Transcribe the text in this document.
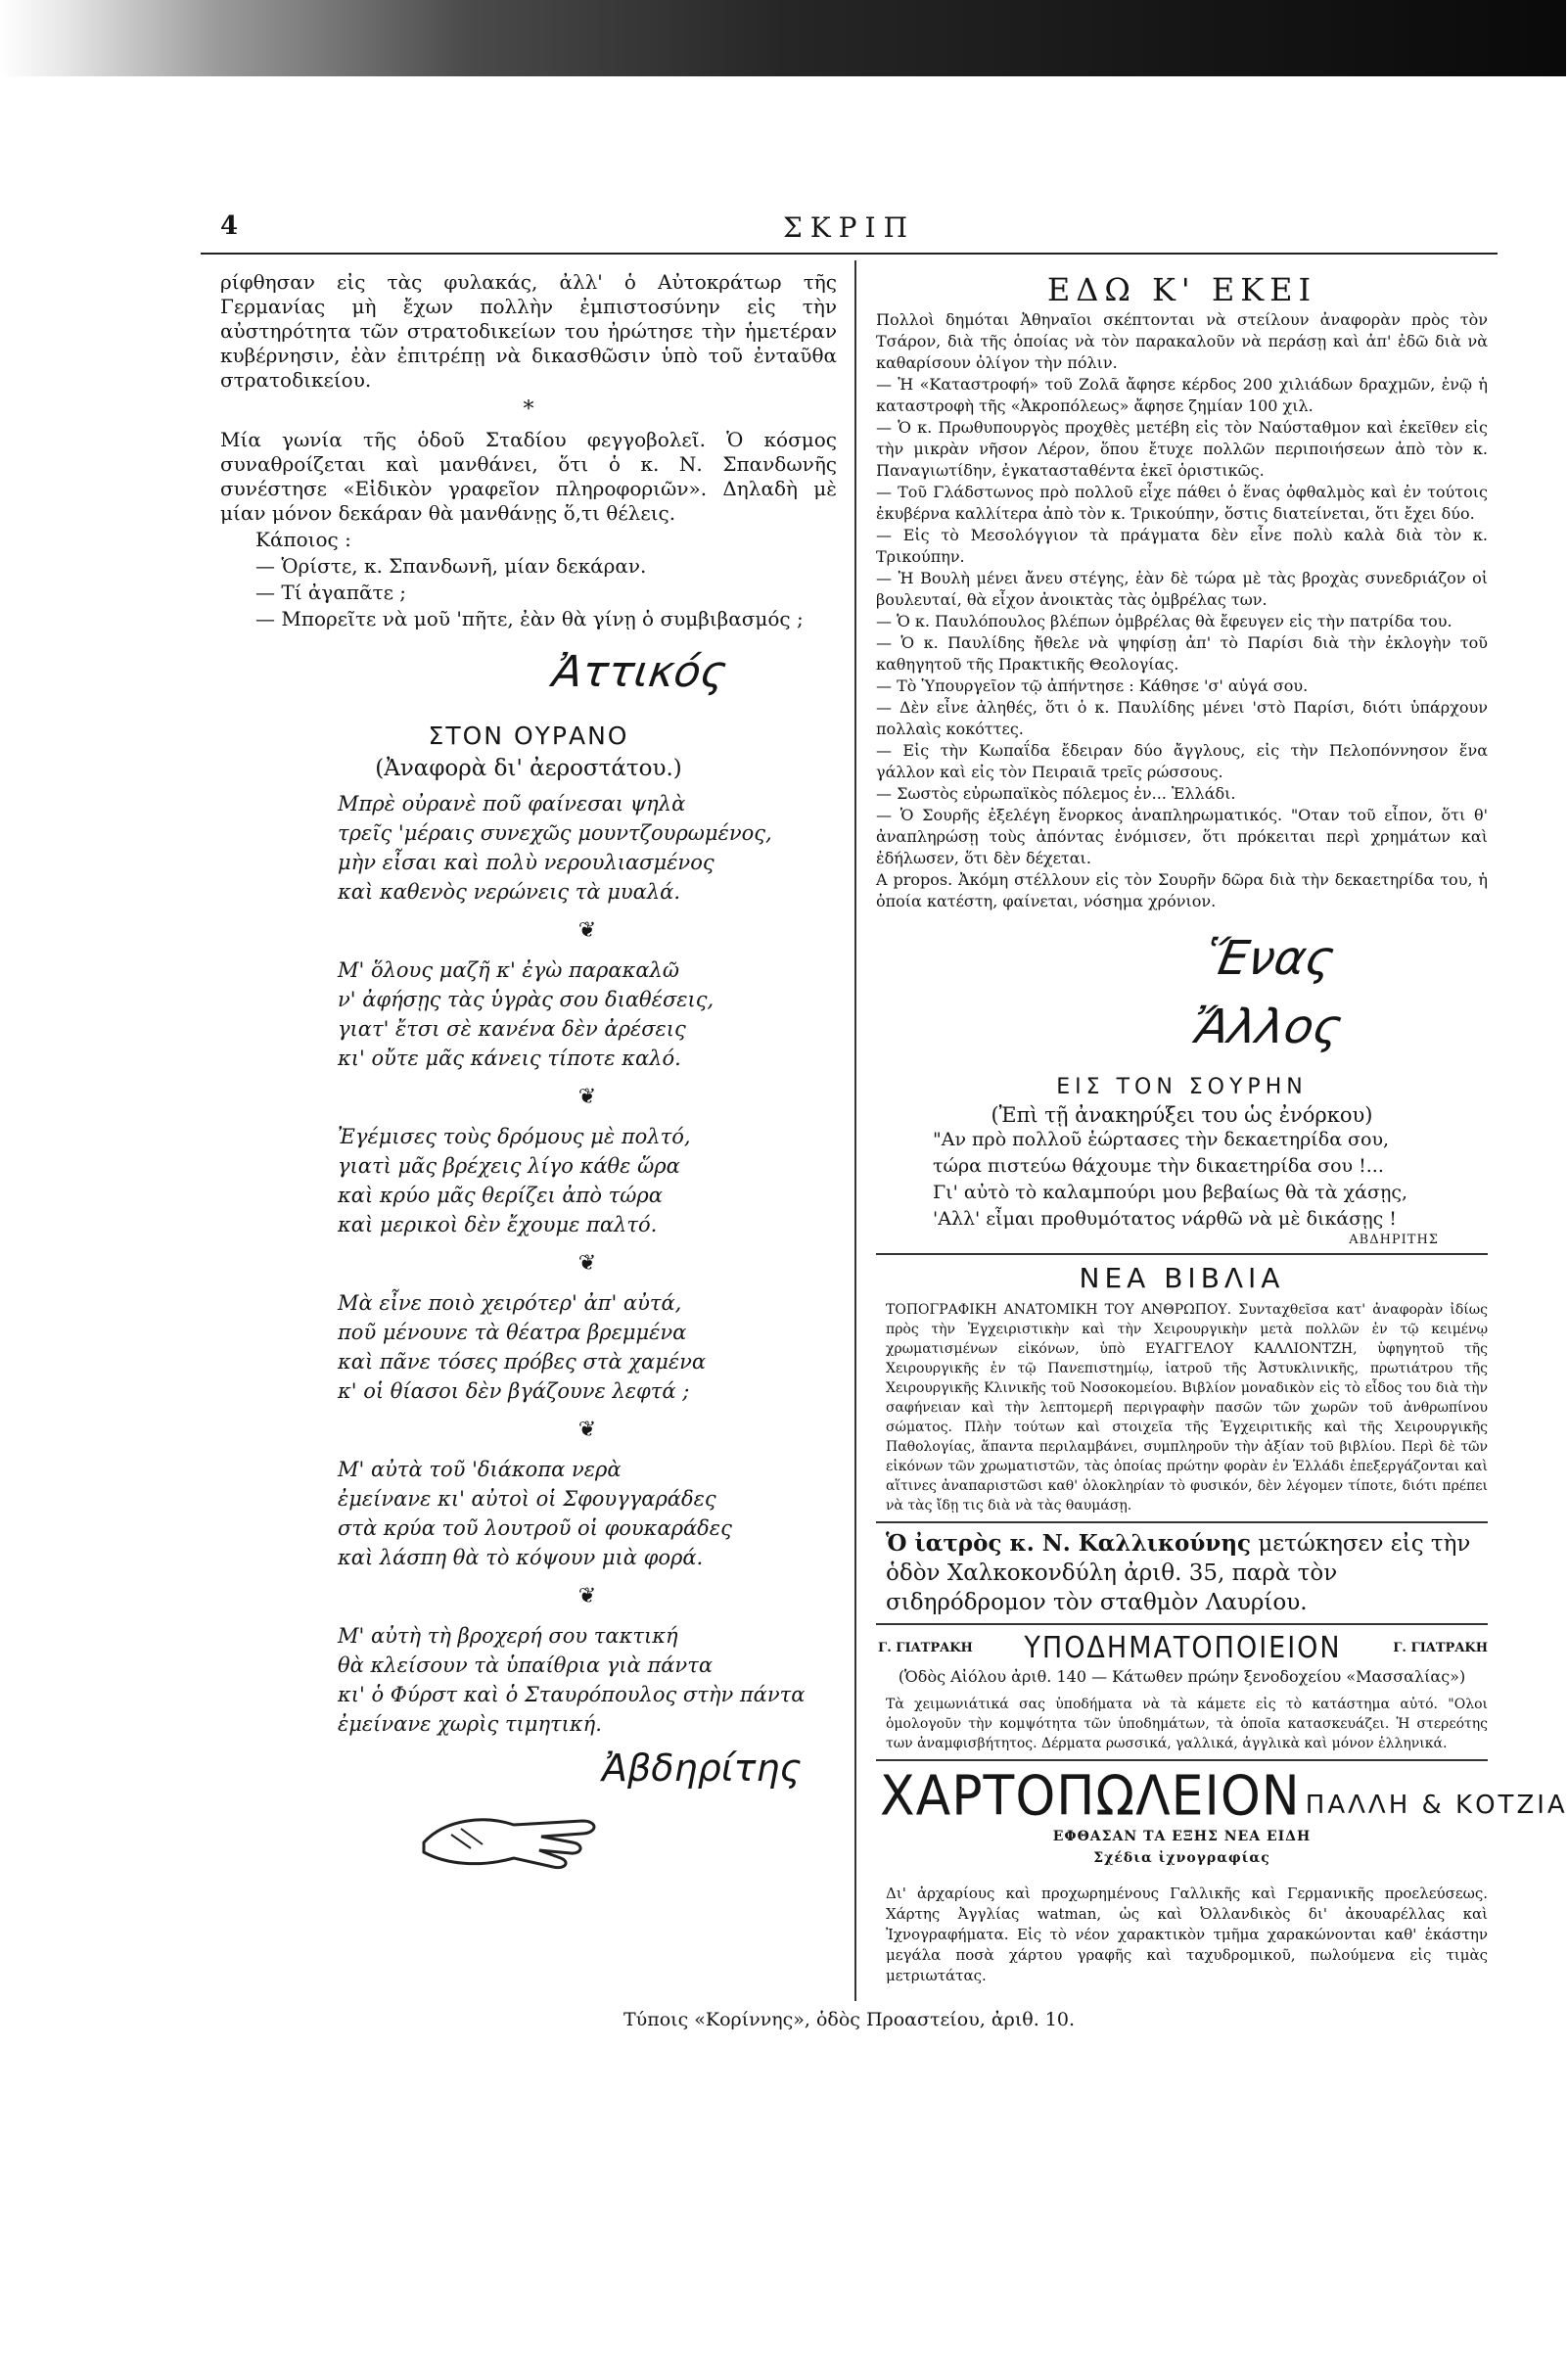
4	ΣΚΡΙΠ

ρίφθησαν εἰς τὰς φυλακάς, ἀλλ' ὁ Αὐτοκράτωρ τῆς Γερμανίας μὴ ἔχων πολλὴν ἐμπιστοσύνην εἰς τὴν αὐστηρότητα τῶν στρατοδικείων του ἠρώτησε τὴν ἡμετέραν κυβέρνησιν, ἐὰν ἐπιτρέπῃ νὰ δικασθῶσιν ὑπὸ τοῦ ἐνταῦθα στρατοδικείου.

*

Μία γωνία τῆς ὁδοῦ Σταδίου φεγγοβολεῖ. Ὁ κόσμος συναθροίζεται καὶ μανθάνει, ὅτι ὁ κ. Ν. Σπανδωνῆς συνέστησε «Εἰδικὸν γραφεῖον πληροφοριῶν». Δηλαδὴ μὲ μίαν μόνον δεκάραν θὰ μανθάνῃς ὅ,τι θέλεις.

Κάποιος :
— Ὁρίστε, κ. Σπανδωνῆ, μίαν δεκάραν.
— Τί ἀγαπᾶτε ;
— Μπορεῖτε νὰ μοῦ 'πῆτε, ἐὰν θὰ γίνῃ ὁ συμβιβασμός ;
Ἀττικός
ΣΤΟΝ ΟΥΡΑΝΟ
(Ἀναφορὰ δι' ἀεροστάτου.)
Μπρὲ οὐρανὲ ποῦ φαίνεσαι ψηλὰ
τρεῖς 'μέραις συνεχῶς μουντζουρωμένος,
μὴν εἶσαι καὶ πολὺ νερουλιασμένος
καὶ καθενὸς νερώνεις τὰ μυαλά.
❦
Μ' ὅλους μαζῆ κ' ἐγὼ παρακαλῶ
ν' ἀφήσῃς τὰς ὑγρὰς σου διαθέσεις,
γιατ' ἔτσι σὲ κανένα δὲν ἀρέσεις
κι' οὔτε μᾶς κάνεις τίποτε καλό.
❦
Ἐγέμισες τοὺς δρόμους μὲ πολτό,
γιατὶ μᾶς βρέχεις λίγο κάθε ὥρα
καὶ κρύο μᾶς θερίζει ἀπὸ τώρα
καὶ μερικοὶ δὲν ἔχουμε παλτό.
❦
Μὰ εἶνε ποιὸ χειρότερ' ἀπ' αὐτά,
ποῦ μένουνε τὰ θέατρα βρεμμένα
καὶ πᾶνε τόσες πρόβες στὰ χαμένα
κ' οἱ θίασοι δὲν βγάζουνε λεφτά ;
❦
Μ' αὐτὰ τοῦ 'διάκοπα νερὰ
ἐμείνανε κι' αὐτοὶ οἱ Σφουγγαράδες
στὰ κρύα τοῦ λουτροῦ οἱ φουκαράδες
καὶ λάσπη θὰ τὸ κόψουν μιὰ φορά.
❦
Μ' αὐτὴ τὴ βροχερή σου τακτική
θὰ κλείσουν τὰ ὑπαίθρια γιὰ πάντα
κι' ὁ Φύρστ καὶ ὁ Σταυρόπουλος στὴν πάντα
ἐμείνανε χωρὶς τιμητική.
Ἀβδηρίτης
ΕΔΩ Κ' ΕΚΕΙ

Πολλοὶ δημόται Ἀθηναῖοι σκέπτονται νὰ στείλουν ἀναφορὰν πρὸς τὸν Τσάρον, διὰ τῆς ὁποίας νὰ τὸν παρακαλοῦν νὰ περάσῃ καὶ ἀπ' ἐδῶ διὰ νὰ καθαρίσουν ὀλίγον τὴν πόλιν.

— Ἡ «Καταστροφή» τοῦ Ζολᾶ ἄφησε κέρδος 200 χιλιάδων δραχμῶν, ἐνῷ ἡ καταστροφὴ τῆς «Ἀκροπόλεως» ἄφησε ζημίαν 100 χιλ.

— Ὁ κ. Πρωθυπουργὸς προχθὲς μετέβη εἰς τὸν Ναύσταθμον καὶ ἐκεῖθεν εἰς τὴν μικρὰν νῆσον Λέρον, ὅπου ἔτυχε πολλῶν περιποιήσεων ἀπὸ τὸν κ. Παναγιωτίδην, ἐγκατασταθέντα ἐκεῖ ὁριστικῶς.

— Τοῦ Γλάδστωνος πρὸ πολλοῦ εἶχε πάθει ὁ ἕνας ὀφθαλμὸς καὶ ἐν τούτοις ἐκυβέρνα καλλίτερα ἀπὸ τὸν κ. Τρικούπην, ὅστις διατείνεται, ὅτι ἔχει δύο.

— Εἰς τὸ Μεσολόγγιον τὰ πράγματα δὲν εἶνε πολὺ καλὰ διὰ τὸν κ. Τρικούπην.

— Ἡ Βουλὴ μένει ἄνευ στέγης, ἐὰν δὲ τώρα μὲ τὰς βροχὰς συνεδριάζον οἱ βουλευταί, θὰ εἶχον ἀνοικτὰς τὰς ὀμβρέλας των.

— Ὁ κ. Παυλόπουλος βλέπων ὀμβρέλας θὰ ἔφευγεν εἰς τὴν πατρίδα του.

— Ὁ κ. Παυλίδης ἤθελε νὰ ψηφίσῃ ἀπ' τὸ Παρίσι διὰ τὴν ἐκλογὴν τοῦ καθηγητοῦ τῆς Πρακτικῆς Θεολογίας.

— Τὸ Ὑπουργεῖον τῷ ἀπήντησε : Κάθησε 'σ' αὐγά σου.

— Δὲν εἶνε ἀληθές, ὅτι ὁ κ. Παυλίδης μένει 'στὸ Παρίσι, διότι ὑπάρχουν πολλαὶς κοκόττες.

— Εἰς τὴν Κωπαΐδα ἔδειραν δύο ἄγγλους, εἰς τὴν Πελοπόννησον ἕνα γάλλον καὶ εἰς τὸν Πειραιᾶ τρεῖς ρώσσους.

— Σωστὸς εὐρωπαϊκὸς πόλεμος ἐν... Ἑλλάδι.

— Ὁ Σουρῆς ἐξελέγη ἔνορκος ἀναπληρωματικός. "Οταν τοῦ εἶπον, ὅτι θ' ἀναπληρώσῃ τοὺς ἀπόντας ἐνόμισεν, ὅτι πρόκειται περὶ χρημάτων καὶ ἐδήλωσεν, ὅτι δὲν δέχεται.

Α propos. Ἀκόμη στέλλουν εἰς τὸν Σουρῆν δῶρα διὰ τὴν δεκαετηρίδα του, ἡ ὁποία κατέστη, φαίνεται, νόσημα χρόνιον.

Ἕνας Ἄλλος
ΕΙΣ ΤΟΝ ΣΟΥΡΗΝ
(Ἐπὶ τῇ ἀνακηρύξει του ὡς ἐνόρκου)
"Αν πρὸ πολλοῦ ἑώρτασες τὴν δεκαετηρίδα σου,
τώρα πιστεύω θάχουμε τὴν δικαετηρίδα σου !...
Γι' αὐτὸ τὸ καλαμπούρι μου βεβαίως θὰ τὰ χάσῃς,
'Αλλ' εἶμαι προθυμότατος νάρθῶ νὰ μὲ δικάσῃς !
ΑΒΔΗΡΙΤΗΣ
ΝΕΑ ΒΙΒΛΙΑ

ΤΟΠΟΓΡΑΦΙΚΗ ΑΝΑΤΟΜΙΚΗ ΤΟΥ ΑΝΘΡΩΠΟΥ. Συνταχθεῖσα κατ' ἀναφορὰν ἰδίως πρὸς τὴν Ἐγχειριστικὴν καὶ τὴν Χειρουργικὴν μετὰ πολλῶν ἐν τῷ κειμένῳ χρωματισμένων εἰκόνων, ὑπὸ ΕΥΑΓΓΕΛΟΥ ΚΑΛΛΙΟΝΤΖΗ, ὑφηγητοῦ τῆς Χειρουργικῆς ἐν τῷ Πανεπιστημίῳ, ἰατροῦ τῆς Ἀστυκλινικῆς, πρωτιάτρου τῆς Χειρουργικῆς Κλινικῆς τοῦ Νοσοκομείου. Βιβλίον μοναδικὸν εἰς τὸ εἶδος του διὰ τὴν σαφήνειαν καὶ τὴν λεπτομερῆ περιγραφὴν πασῶν τῶν χωρῶν τοῦ ἀνθρωπίνου σώματος. Πλὴν τούτων καὶ στοιχεῖα τῆς Ἐγχειριτικῆς καὶ τῆς Χειρουργικῆς Παθολογίας, ἅπαντα περιλαμβάνει, συμπληροῦν τὴν ἀξίαν τοῦ βιβλίου. Περὶ δὲ τῶν εἰκόνων τῶν χρωματιστῶν, τὰς ὁποίας πρώτην φορὰν ἐν Ἑλλάδι ἐπεξεργάζονται καὶ αἵτινες ἀναπαριστῶσι καθ' ὁλοκληρίαν τὸ φυσικόν, δὲν λέγομεν τίποτε, διότι πρέπει νὰ τὰς ἴδῃ τις διὰ νὰ τὰς θαυμάσῃ.

Ὁ ἰατρὸς κ. Ν. Καλλικούνης μετώκησεν εἰς τὴν ὁδὸν Χαλκοκονδύλη ἀριθ. 35, παρὰ τὸν σιδηρόδρομον τὸν σταθμὸν Λαυρίου.
Γ. ΓΙΑΤΡΑΚΗ ΥΠΟΔΗΜΑΤΟΠΟΙΕΙΟΝ	Γ. ΓΙΑΤΡΑΚΗ
(Ὁδὸς Αἰόλου ἀριθ. 140 — Κάτωθεν πρώην ξενοδοχείου «Μασσαλίας»)

Τὰ χειμωνιάτικά σας ὑποδήματα νὰ τὰ κάμετε εἰς τὸ κατάστημα αὐτό. "Ολοι ὁμολογοῦν τὴν κομψότητα τῶν ὑποδημάτων, τὰ ὁποῖα κατασκευάζει. Ἡ στερεότης των ἀναμφισβήτητος. Δέρματα ρωσσικά, γαλλικά, ἀγγλικὰ καὶ μόνον ἑλληνικά.

ΧΑΡΤΟΠΩΛΕΙΟΝ ΠΑΛΛΗ & ΚΟΤΖΙΑ
ΕΦΘΑΣΑΝ ΤΑ ΕΞΗΣ ΝΕΑ ΕΙΔΗ
Σχέδια ἰχνογραφίας

Δι' ἀρχαρίους καὶ προχωρημένους Γαλλικῆς καὶ Γερμανικῆς προελεύσεως. Χάρτης Ἀγγλίας watman, ὡς καὶ Ὀλλανδικὸς δι' ἀκουαρέλλας καὶ Ἰχνογραφήματα. Εἰς τὸ νέον χαρακτικὸν τμῆμα χαρακώνονται καθ' ἑκάστην μεγάλα ποσὰ χάρτου γραφῆς καὶ ταχυδρομικοῦ, πωλούμενα εἰς τιμὰς μετριωτάτας.

Τύποις «Κορίννης», ὁδὸς Προαστείου, ἀριθ. 10.
